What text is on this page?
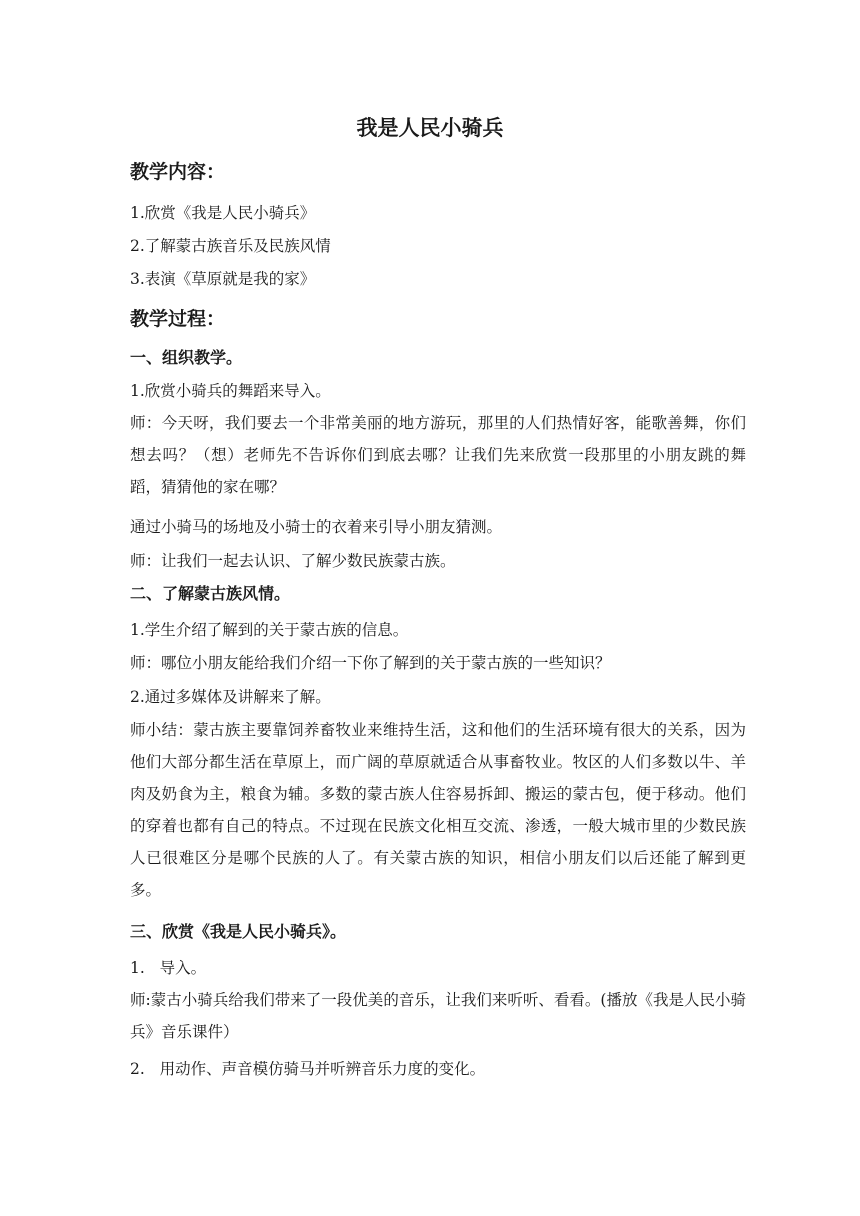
我是人民小骑兵
教学内容：

1.欣赏《我是人民小骑兵》

2.了解蒙古族音乐及民族风情

3.表演《草原就是我的家》

教学过程：
一、组织教学。

1.欣赏小骑兵的舞蹈来导入。

师：今天呀，我们要去一个非常美丽的地方游玩，那里的人们热情好客，能歌善舞，你们想去吗？（想）老师先不告诉你们到底去哪？让我们先来欣赏一段那里的小朋友跳的舞蹈，猜猜他的家在哪？

通过小骑马的场地及小骑士的衣着来引导小朋友猜测。

师：让我们一起去认识、了解少数民族蒙古族。

二、了解蒙古族风情。

1.学生介绍了解到的关于蒙古族的信息。

师：哪位小朋友能给我们介绍一下你了解到的关于蒙古族的一些知识？

2.通过多媒体及讲解来了解。

师小结：蒙古族主要靠饲养畜牧业来维持生活，这和他们的生活环境有很大的关系，因为他们大部分都生活在草原上，而广阔的草原就适合从事畜牧业。牧区的人们多数以牛、羊肉及奶食为主，粮食为辅。多数的蒙古族人住容易拆卸、搬运的蒙古包，便于移动。他们的穿着也都有自己的特点。不过现在民族文化相互交流、渗透，一般大城市里的少数民族人已很难区分是哪个民族的人了。有关蒙古族的知识，相信小朋友们以后还能了解到更多。

三、欣赏《我是人民小骑兵》。

1.   导入。

师:蒙古小骑兵给我们带来了一段优美的音乐，让我们来听听、看看。(播放《我是人民小骑兵》音乐课件）

2.   用动作、声音模仿骑马并听辨音乐力度的变化。
